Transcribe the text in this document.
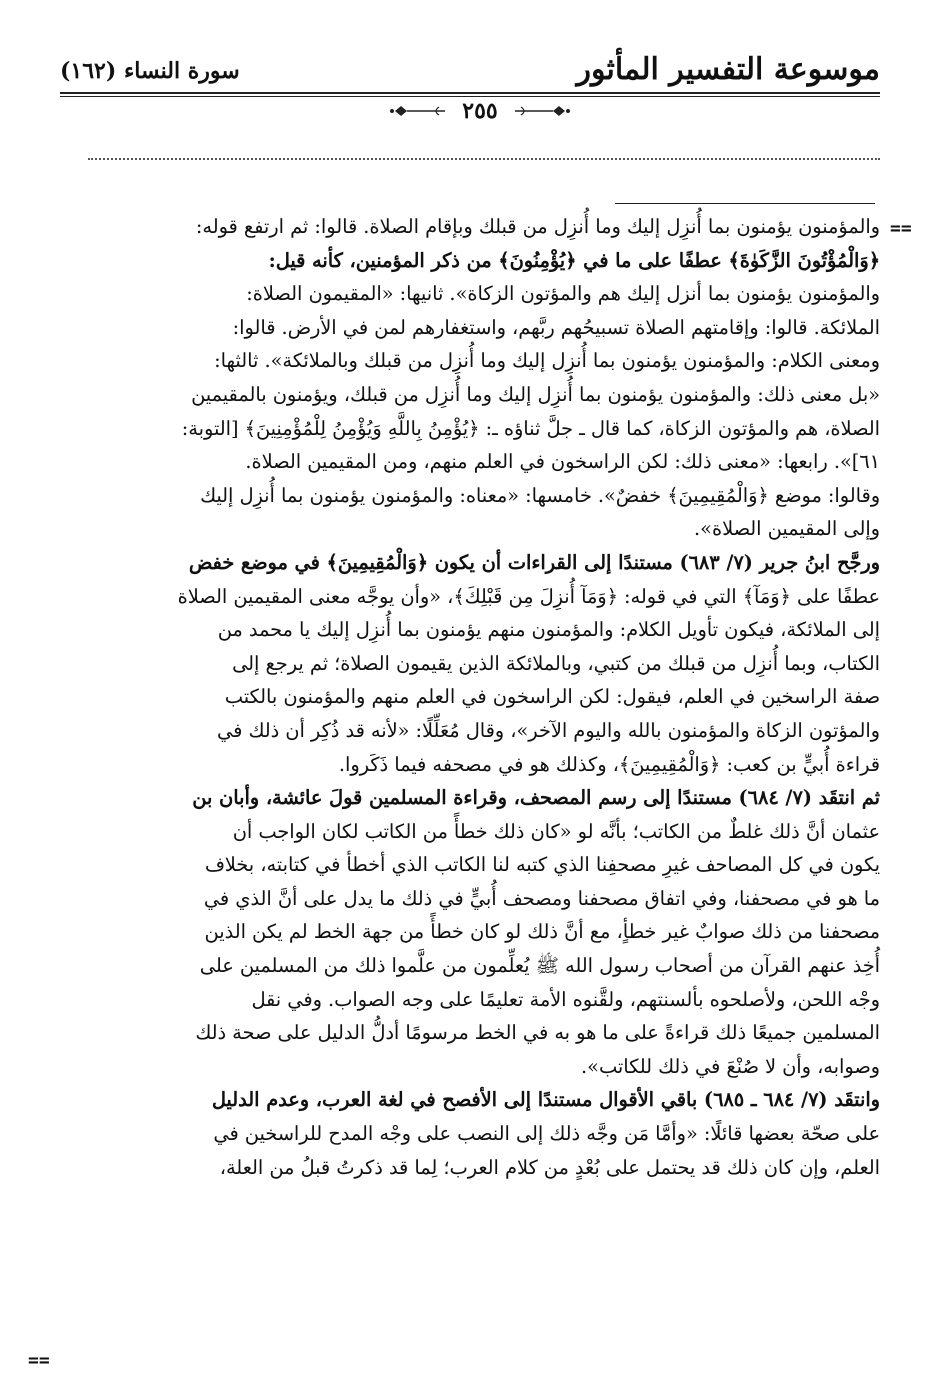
موسوعة التفسير المأثور
سورة النساء (١٦٢)
٢٥٥
==
والمؤمنون يؤمنون بما أُنزِل إليك وما أُنزِل من قبلك وبإقام الصلاة. قالوا: ثم ارتفع قوله:
﴿وَالْمُؤْتُونَ الزَّكَوٰةَ﴾ عطفًا على ما في ﴿يُؤْمِنُونَ﴾ من ذكر المؤمنين، كأنه قيل:
والمؤمنون يؤمنون بما أنزل إليك هم والمؤتون الزكاة». ثانيها: «المقيمون الصلاة:
الملائكة. قالوا: وإقامتهم الصلاة تسبيحُهم ربَّهم، واستغفارهم لمن في الأرض. قالوا:
ومعنى الكلام: والمؤمنون يؤمنون بما أُنزِل إليك وما أُنزِل من قبلك وبالملائكة». ثالثها:
«بل معنى ذلك: والمؤمنون يؤمنون بما أُنزِل إليك وما أُنزِل من قبلك، ويؤمنون بالمقيمين
الصلاة، هم والمؤتون الزكاة، كما قال ـ جلَّ ثناؤه ـ: ﴿يُؤْمِنُ بِاللَّهِ وَيُؤْمِنُ لِلْمُؤْمِنِينَ﴾ [التوبة:
٦١]». رابعها: «معنى ذلك: لكن الراسخون في العلم منهم، ومن المقيمين الصلاة.
وقالوا: موضع ﴿وَالْمُقِيمِينَ﴾ خفضٌ». خامسها: «معناه: والمؤمنون يؤمنون بما أُنزِل إليك
وإلى المقيمين الصلاة».
ورجَّح ابنُ جرير (٧/ ٦٨٣) مستندًا إلى القراءات أن يكون ﴿وَالْمُقِيمِينَ﴾ في موضع خفض
عطفًا على ﴿وَمَآ﴾ التي في قوله: ﴿وَمَآ أُنزِلَ مِن قَبْلِكَ﴾، «وأن يوجَّه معنى المقيمين الصلاة
إلى الملائكة، فيكون تأويل الكلام: والمؤمنون منهم يؤمنون بما أُنزِل إليك يا محمد من
الكتاب، وبما أُنزِل من قبلك من كتبي، وبالملائكة الذين يقيمون الصلاة؛ ثم يرجع إلى
صفة الراسخين في العلم، فيقول: لكن الراسخون في العلم منهم والمؤمنون بالكتب
والمؤتون الزكاة والمؤمنون بالله واليوم الآخر»، وقال مُعَلِّلًا: «لأنه قد ذُكِر أن ذلك في
قراءة أُبيٍّ بن كعب: ﴿وَالْمُقِيمِينَ﴾، وكذلك هو في مصحفه فيما ذَكَروا.
ثم انتقَد (٧/ ٦٨٤) مستندًا إلى رسم المصحف، وقراءة المسلمين قولَ عائشة، وأبان بن
عثمان أنَّ ذلك غلطٌ من الكاتب؛ بأنَّه لو «كان ذلك خطأً من الكاتب لكان الواجب أن
يكون في كل المصاحف غيرِ مصحفِنا الذي كتبه لنا الكاتب الذي أخطأ في كتابته، بخلاف
ما هو في مصحفنا، وفي اتفاق مصحفنا ومصحف أُبيٍّ في ذلك ما يدل على أنَّ الذي في
مصحفنا من ذلك صوابٌ غير خطأٍ، مع أنَّ ذلك لو كان خطأً من جهة الخط لم يكن الذين
أُخِذ عنهم القرآن من أصحاب رسول الله ﷺ يُعلِّمون من علَّموا ذلك من المسلمين على
وجْه اللحن، ولأصلحوه بألسنتهم، ولقَّنوه الأمة تعليمًا على وجه الصواب. وفي نقل
المسلمين جميعًا ذلك قراءةً على ما هو به في الخط مرسومًا أدلُّ الدليل على صحة ذلك
وصوابه، وأن لا صُنْعَ في ذلك للكاتب».
وانتقَد (٧/ ٦٨٤ ـ ٦٨٥) باقي الأقوال مستندًا إلى الأفصح في لغة العرب، وعدم الدليل
على صحّة بعضها قائلًا: «وأمَّا مَن وجَّه ذلك إلى النصب على وجْه المدح للراسخين في
العلم، وإن كان ذلك قد يحتمل على بُعْدٍ من كلام العرب؛ لِما قد ذكرتُ قبلُ من العلة،
==
